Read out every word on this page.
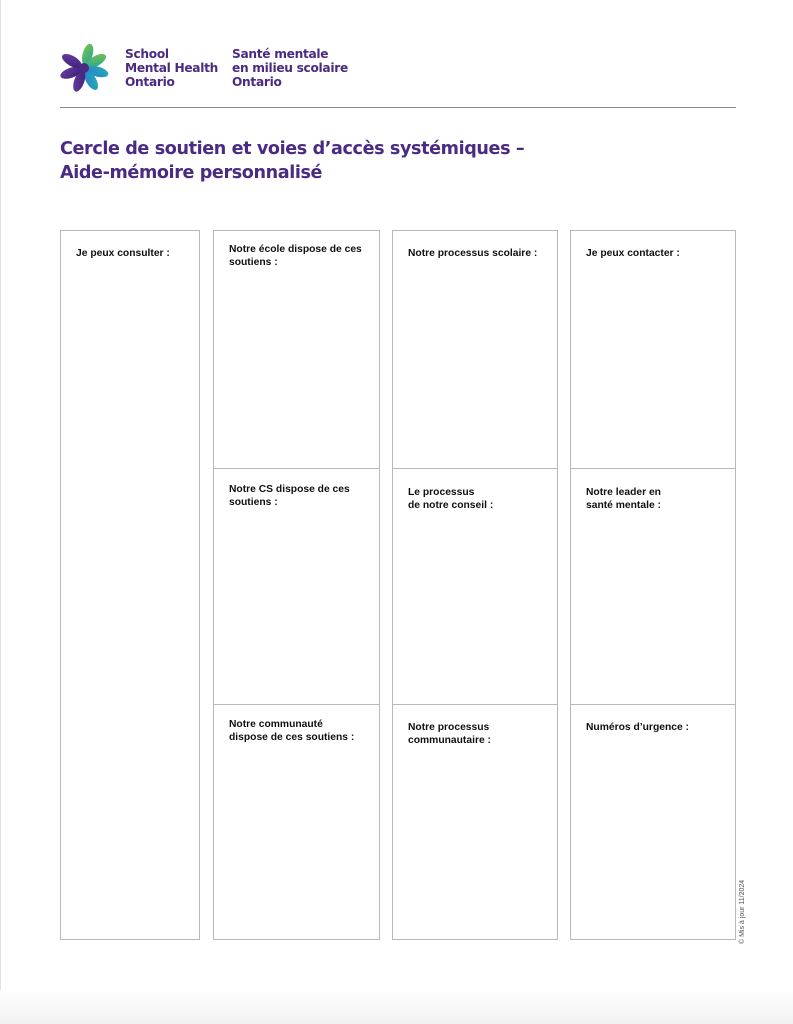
School
Mental Health
Ontario
Santé mentale
en milieu scolaire
Ontario
Cercle de soutien et voies d’accès systémiques –
Aide-mémoire personnalisé
Je peux consulter :	Notre école dispose de ces
soutiens :
Notre CS dispose de ces
soutiens :
Notre communauté
dispose de ces soutiens :
Notre processus scolaire :
Le processus
de notre conseil :
Notre processus
communautaire :
Je peux contacter :
Notre leader en
santé mentale :
Numéros d’urgence :
© Mis à jour 11/2024
